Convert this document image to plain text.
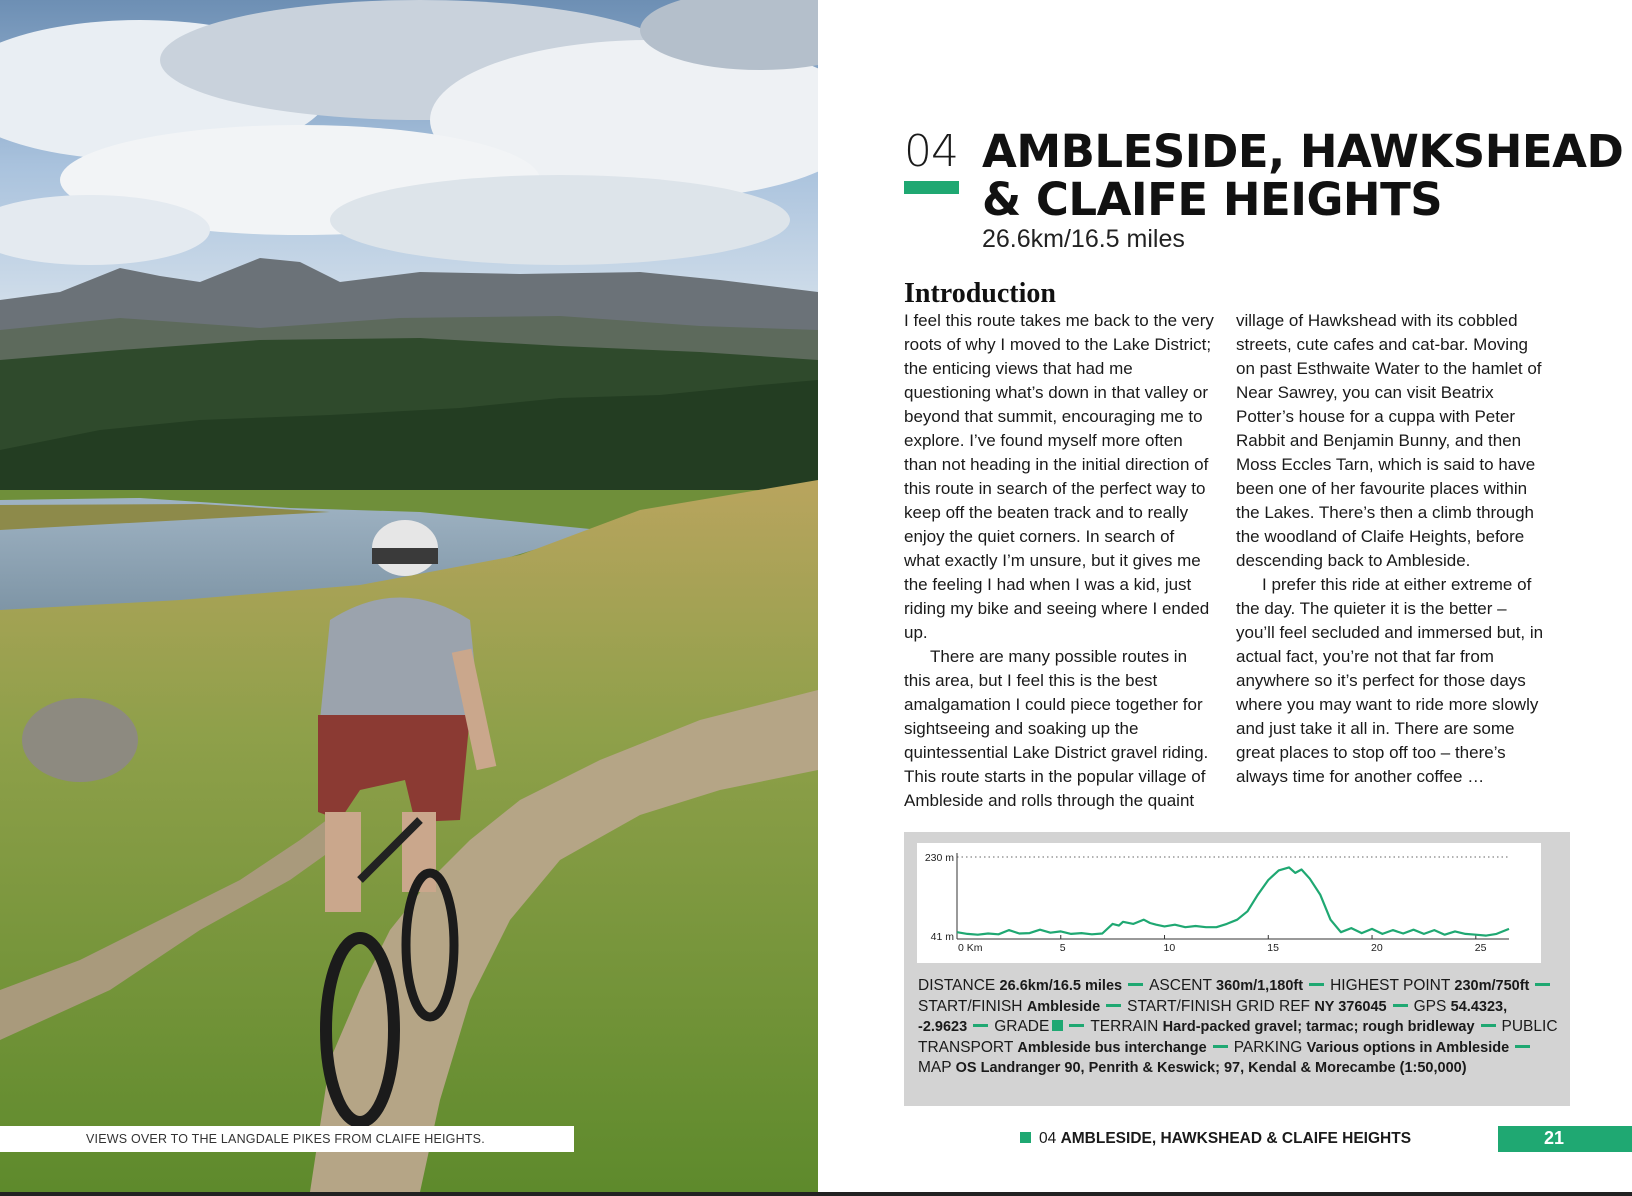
VIEWS OVER TO THE LANGDALE PIKES FROM CLAIFE HEIGHTS.
04 AMBLESIDE, HAWKSHEAD
& CLAIFE HEIGHTS
26.6km/16.5 miles
Introduction

I feel this route takes me back to the very roots of why I moved to the Lake District; the enticing views that had me questioning what’s down in that valley or beyond that summit, encouraging me to explore. I’ve found myself more often than not heading in the initial direction of this route in search of the perfect way to keep off the beaten track and to really enjoy the quiet corners. In search of what exactly I’m unsure, but it gives me the feeling I had when I was a kid, just riding my bike and seeing where I ended up.

There are many possible routes in this area, but I feel this is the best amalgamation I could piece together for sightseeing and soaking up the quintessential Lake District gravel riding. This route starts in the popular village of Ambleside and rolls through the quaint

village of Hawkshead with its cobbled streets, cute cafes and cat-bar. Moving on past Esthwaite Water to the hamlet of Near Sawrey, you can visit Beatrix Potter’s house for a cuppa with Peter Rabbit and Benjamin Bunny, and then Moss Eccles Tarn, which is said to have been one of her favourite places within the Lakes. There’s then a climb through the woodland of Claife Heights, before descending back to Ambleside.

I prefer this ride at either extreme of the day. The quieter it is the better – you’ll feel secluded and immersed but, in actual fact, you’re not that far from anywhere so it’s perfect for those days where you may want to ride more slowly and just take it all in. There are some great places to stop off too – there’s always time for another coffee …

41 m
230 m
0 Km	5	10	15	20	25
DISTANCE 26.6km/16.5 miles ASCENT 360m/1,180ft HIGHEST POINT 230m/750ftSTART/FINISH Ambleside START/FINISH GRID REF NY 376045 GPS 54.4323, -2.9623 GRADE	TERRAIN Hard-packed gravel; tarmac; rough bridleway PUBLIC TRANSPORT Ambleside bus interchange PARKING Various options in AmblesideMAP OS Landranger 90, Penrith & Keswick; 97, Kendal & Morecambe (1:50,000)
04 AMBLESIDE, HAWKSHEAD & CLAIFE HEIGHTS	21
